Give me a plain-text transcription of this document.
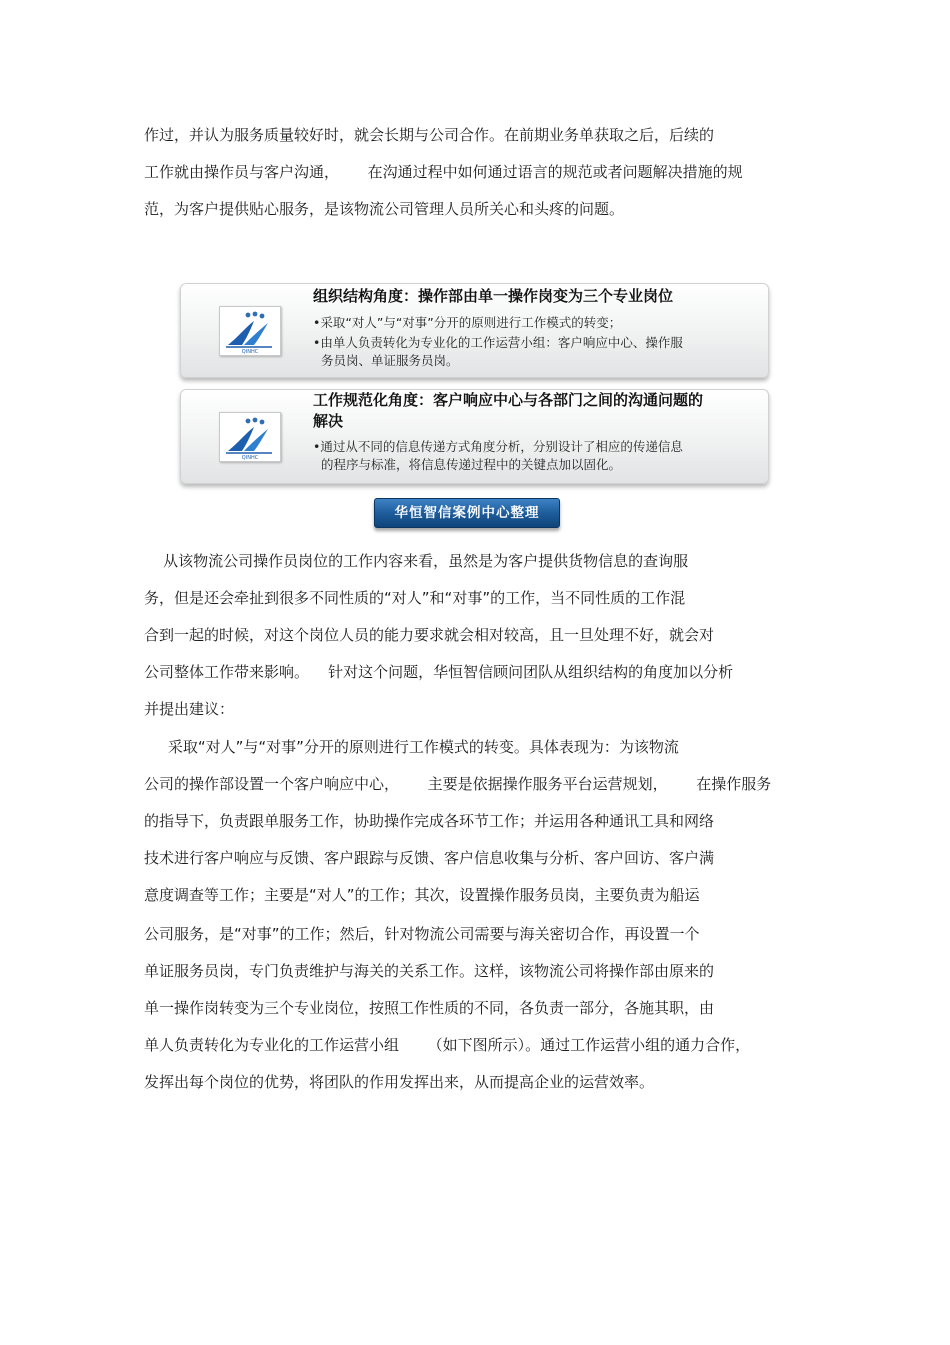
作过，并认为服务质量较好时，就会长期与公司合作。在前期业务单获取之后，后续的
工作就由操作员与客户沟通，      在沟通过程中如何通过语言的规范或者问题解决措施的规
范，为客户提供贴心服务，是该物流公司管理人员所关心和头疼的问题。
QINHC
组织结构角度：操作部由单一操作岗变为三个专业岗位
•采取“对人”与“对事”分开的原则进行工作模式的转变；
•由单人负责转化为专业化的工作运营小组：客户响应中心、操作服
务员岗、单证服务员岗。
QINHC
工作规范化角度：客户响应中心与各部门之间的沟通问题的
解决
•通过从不同的信息传递方式角度分析，分别设计了相应的传递信息
的程序与标准，将信息传递过程中的关键点加以固化。
华恒智信案例中心整理
从该物流公司操作员岗位的工作内容来看，虽然是为客户提供货物信息的查询服
务，但是还会牵扯到很多不同性质的“对人”和“对事”的工作，当不同性质的工作混
合到一起的时候，对这个岗位人员的能力要求就会相对较高，且一旦处理不好，就会对
公司整体工作带来影响。    针对这个问题，华恒智信顾问团队从组织结构的角度加以分析
并提出建议：
采取“对人”与“对事”分开的原则进行工作模式的转变。具体表现为：为该物流
公司的操作部设置一个客户响应中心，      主要是依据操作服务平台运营规划，      在操作服务
的指导下，负责跟单服务工作，协助操作完成各环节工作；并运用各种通讯工具和网络
技术进行客户响应与反馈、客户跟踪与反馈、客户信息收集与分析、客户回访、客户满
意度调查等工作；主要是“对人”的工作；其次，设置操作服务员岗，主要负责为船运
公司服务，是“对事”的工作；然后，针对物流公司需要与海关密切合作，再设置一个
单证服务员岗，专门负责维护与海关的关系工作。这样，该物流公司将操作部由原来的
单一操作岗转变为三个专业岗位，按照工作性质的不同，各负责一部分，各施其职，由
单人负责转化为专业化的工作运营小组      （如下图所示）。通过工作运营小组的通力合作，
发挥出每个岗位的优势，将团队的作用发挥出来，从而提高企业的运营效率。
